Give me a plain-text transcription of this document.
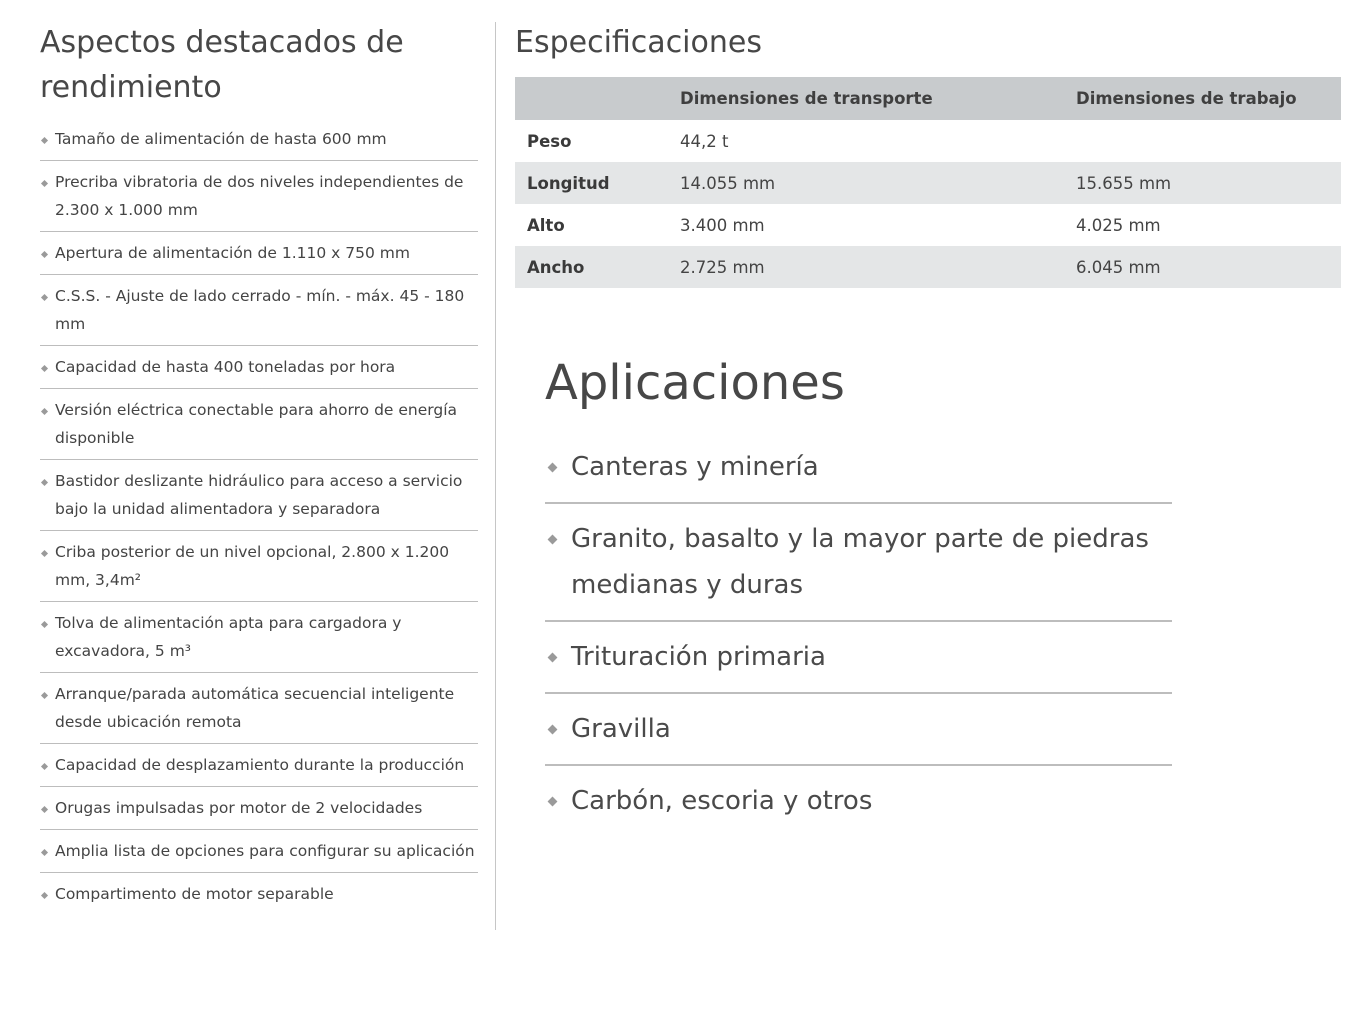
Aspectos destacados de rendimiento
Tamaño de alimentación de hasta 600 mm
Precriba vibratoria de dos niveles independientes de 2.300 x 1.000 mm
Apertura de alimentación de 1.110 x 750 mm
C.S.S. - Ajuste de lado cerrado - mín. - máx. 45 - 180 mm
Capacidad de hasta 400 toneladas por hora
Versión eléctrica conectable para ahorro de energía disponible
Bastidor deslizante hidráulico para acceso a servicio bajo la unidad alimentadora y separadora
Criba posterior de un nivel opcional, 2.800 x 1.200 mm, 3,4m²
Tolva de alimentación apta para cargadora y excavadora, 5 m³
Arranque/parada automática secuencial inteligente desde ubicación remota
Capacidad de desplazamiento durante la producción
Orugas impulsadas por motor de 2 velocidades
Amplia lista de opciones para configurar su aplicación
Compartimento de motor separable
Especificaciones
	Dimensiones de transporte	Dimensiones de trabajo
Peso	44,2 t	
Longitud	14.055 mm	15.655 mm
Alto	3.400 mm	4.025 mm
Ancho	2.725 mm	6.045 mm
Aplicaciones
Canteras y minería
Granito, basalto y la mayor parte de piedras medianas y duras
Trituración primaria
Gravilla
Carbón, escoria y otros
